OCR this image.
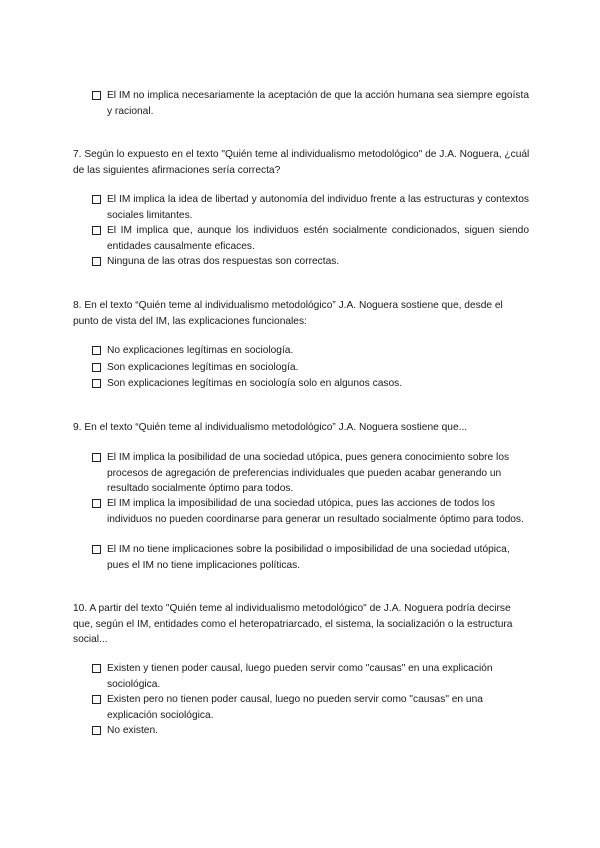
El IM no implica necesariamente la aceptación de que la acción humana sea siempre egoísta y racional.
7. Según lo expuesto en el texto "Quién teme al individualismo metodológico" de J.A. Noguera, ¿cuál de las siguientes afirmaciones sería correcta?
El IM implica la idea de libertad y autonomía del individuo frente a las estructuras y contextos sociales limitantes.
El IM implica que, aunque los individuos estén socialmente condicionados, siguen siendo entidades causalmente eficaces.
Ninguna de las otras dos respuestas son correctas.
8. En el texto “Quién teme al individualismo metodológico” J.A. Noguera sostiene que, desde el punto de vista del IM, las explicaciones funcionales:
No explicaciones legítimas en sociología.
Son explicaciones legítimas en sociología.
Son explicaciones legítimas en sociología solo en algunos casos.
9. En el texto “Quién teme al individualismo metodológico” J.A. Noguera sostiene que...
El IM implica la posibilidad de una sociedad utópica, pues genera conocimiento sobre los procesos de agregación de preferencias individuales que pueden acabar generando un resultado socialmente óptimo para todos.
El IM implica la imposibilidad de una sociedad utópica, pues las acciones de todos los individuos no pueden coordinarse para generar un resultado socialmente óptimo para todos.
El IM no tiene implicaciones sobre la posibilidad o imposibilidad de una sociedad utópica, pues el IM no tiene implicaciones políticas.
10. A partir del texto "Quién teme al individualismo metodológico" de J.A. Noguera podría decirse que, según el IM, entidades como el heteropatriarcado, el sistema, la socialización o la estructura social...
Existen y tienen poder causal, luego pueden servir como "causas" en una explicación sociológica.
Existen pero no tienen poder causal, luego no pueden servir como "causas" en una explicación sociológica.
No existen.
